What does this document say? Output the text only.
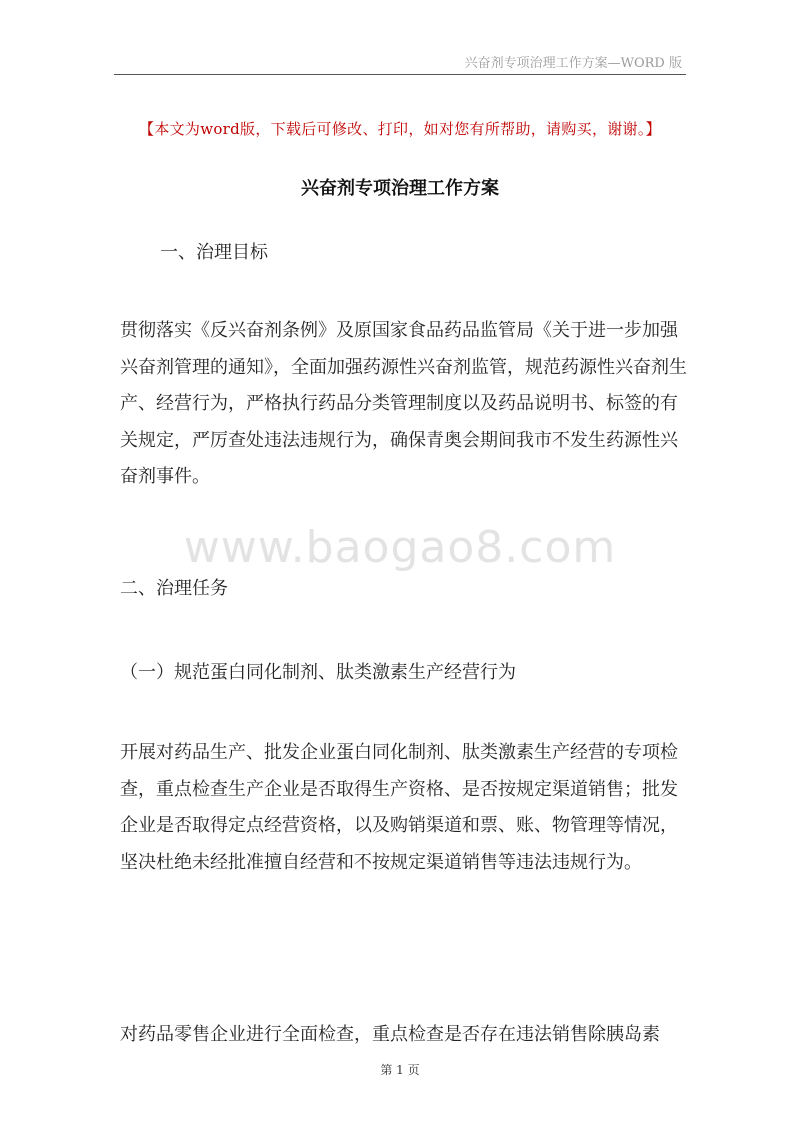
兴奋剂专项治理工作方案—WORD 版
【本文为word版，下载后可修改、打印，如对您有所帮助，请购买，谢谢。】
兴奋剂专项治理工作方案
一、治理目标

贯彻落实《反兴奋剂条例》及原国家食品药品监管局《关于进一步加强兴奋剂管理的通知》，全面加强药源性兴奋剂监管，规范药源性兴奋剂生产、经营行为，严格执行药品分类管理制度以及药品说明书、标签的有关规定，严厉查处违法违规行为，确保青奥会期间我市不发生药源性兴奋剂事件。

www.baogao8.com
二、治理任务
（一）规范蛋白同化制剂、肽类激素生产经营行为

开展对药品生产、批发企业蛋白同化制剂、肽类激素生产经营的专项检查，重点检查生产企业是否取得生产资格、是否按规定渠道销售；批发企业是否取得定点经营资格，以及购销渠道和票、账、物管理等情况，坚决杜绝未经批准擅自经营和不按规定渠道销售等违法违规行为。

对药品零售企业进行全面检查，重点检查是否存在违法销售除胰岛素

第 1 页
